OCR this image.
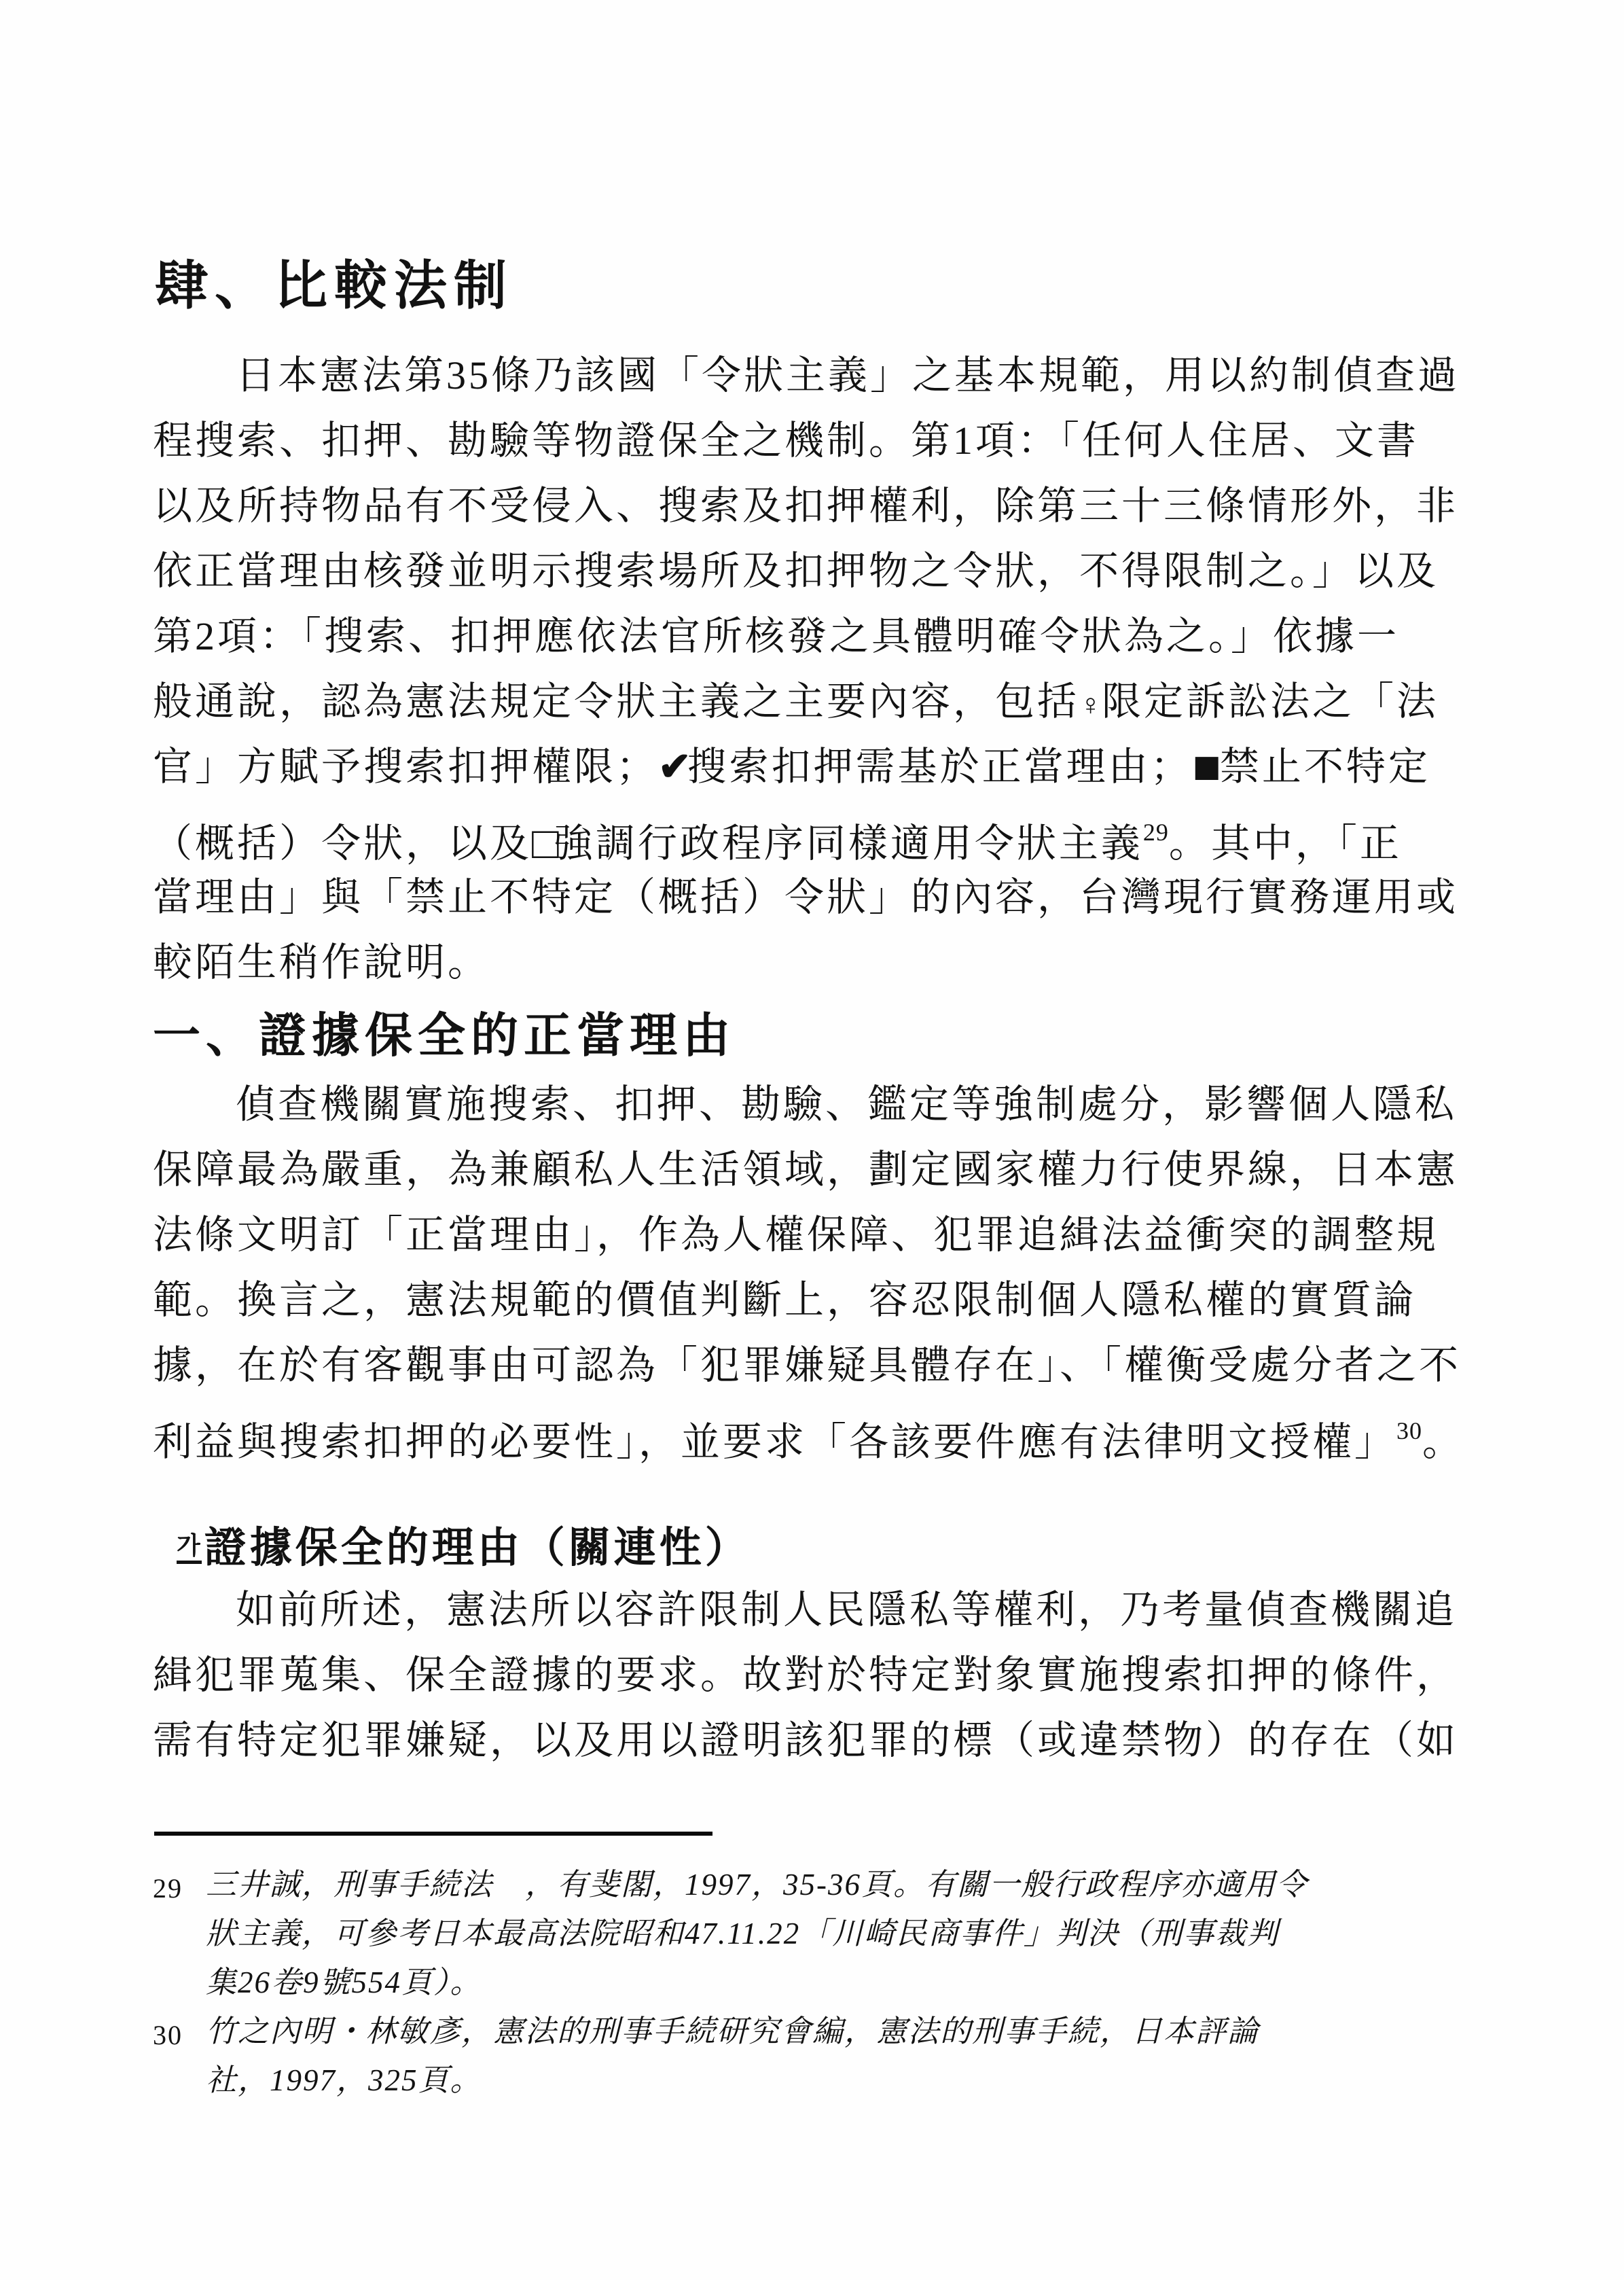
肆、比較法制
日本憲法第35條乃該國「令狀主義」之基本規範，用以約制偵查過
程搜索、扣押、勘驗等物證保全之機制。第1項：「任何人住居、文書
以及所持物品有不受侵入、搜索及扣押權利，除第三十三條情形外，非
依正當理由核發並明示搜索場所及扣押物之令狀，不得限制之。」以及
第2項：「搜索、扣押應依法官所核發之具體明確令狀為之。」依據一
般通說，認為憲法規定令狀主義之主要內容，包括♀限定訴訟法之「法
官」方賦予搜索扣押權限；✔搜索扣押需基於正當理由；■禁止不特定
（概括）令狀，以及□強調行政程序同樣適用令狀主義$^{29}$。其中，「正
當理由」與「禁止不特定（概括）令狀」的內容，台灣現行實務運用或
較陌生稍作說明。
一、證據保全的正當理由
偵查機關實施搜索、扣押、勘驗、鑑定等強制處分，影響個人隱私
保障最為嚴重，為兼顧私人生活領域，劃定國家權力行使界線，日本憲
法條文明訂「正當理由」，作為人權保障、犯罪追緝法益衝突的調整規
範。換言之，憲法規範的價值判斷上，容忍限制個人隱私權的實質論
據，在於有客觀事由可認為「犯罪嫌疑具體存在」、「權衡受處分者之不
利益與搜索扣押的必要性」，並要求「各該要件應有法律明文授權」$^{30}$。
가證據保全的理由（關連性）
如前所述，憲法所以容許限制人民隱私等權利，乃考量偵查機關追
緝犯罪蒐集、保全證據的要求。故對於特定對象實施搜索扣押的條件，
需有特定犯罪嫌疑，以及用以證明該犯罪的標（或違禁物）的存在（如
29 三井誠，刑事手続法　，有斐閣，1997，35-36頁。有關一般行政程序亦適用令
狀主義，可參考日本最高法院昭和47.11.22「川崎民商事件」判決（刑事裁判
集26卷9號554頁）。
30 竹之內明・林敏彥，憲法的刑事手続研究會編，憲法的刑事手続，日本評論
社，1997，325頁。
